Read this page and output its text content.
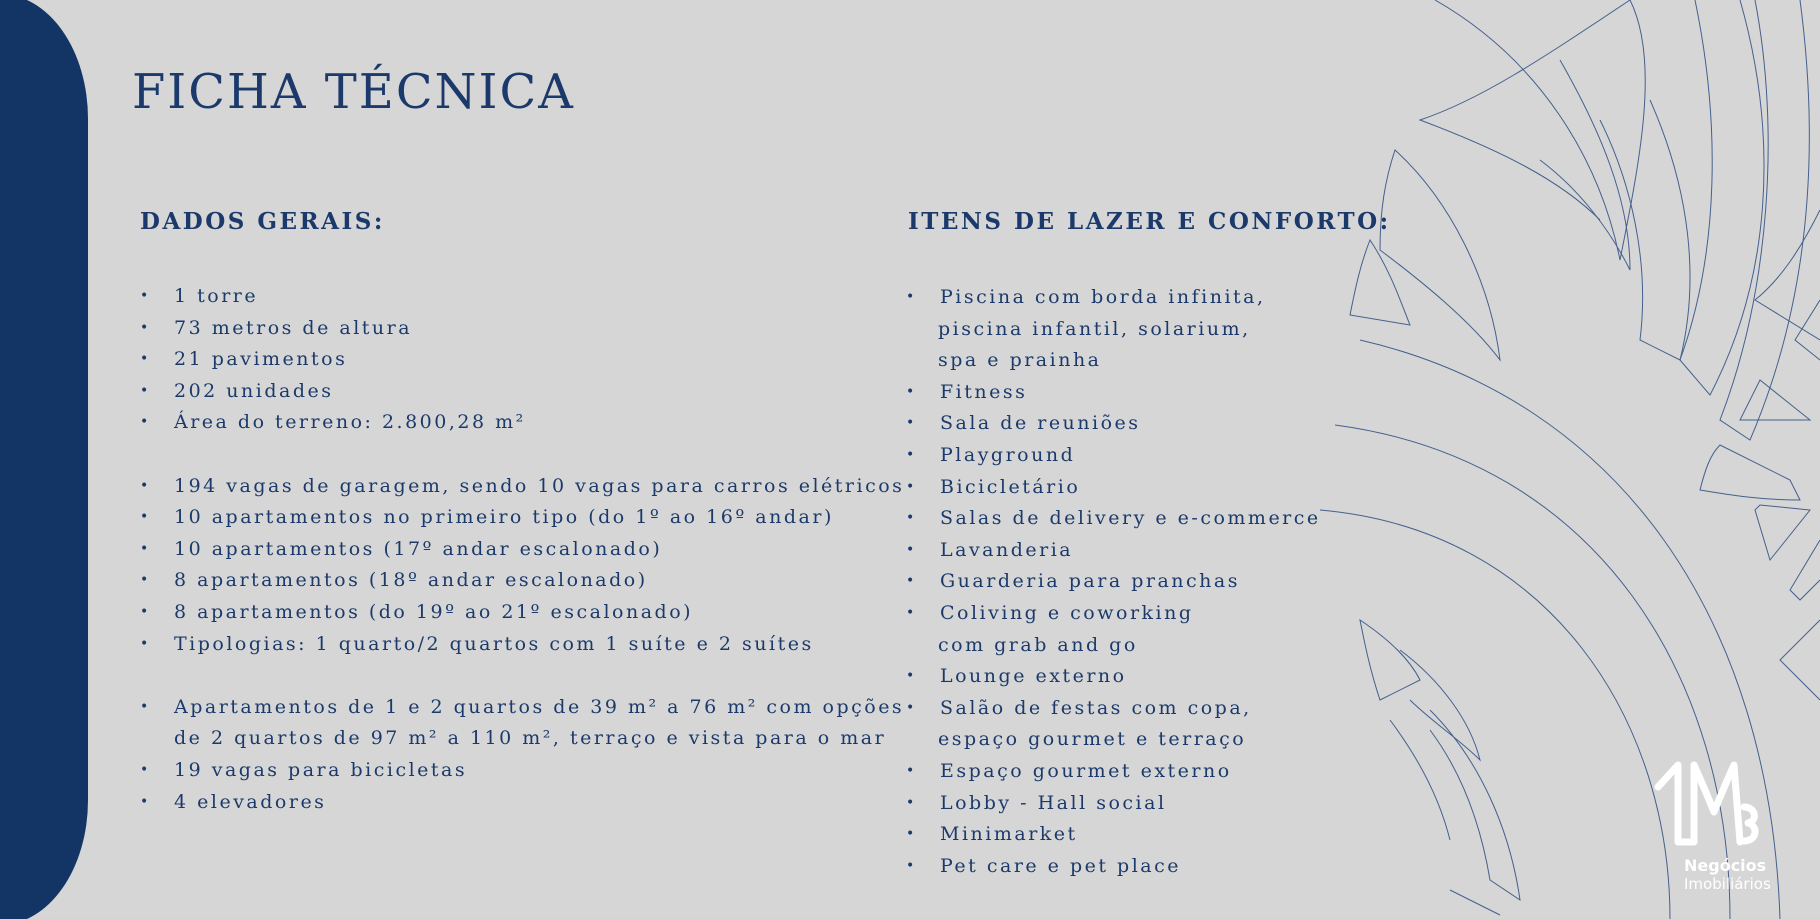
FICHA TÉCNICA
DADOS GERAIS:
• 1 torre
• 73 metros de altura
• 21 pavimentos
• 202 unidades
• Área do terreno: 2.800,28 m²
• 194 vagas de garagem, sendo 10 vagas para carros elétricos
• 10 apartamentos no primeiro tipo (do 1º ao 16º andar)
• 10 apartamentos (17º andar escalonado)
• 8 apartamentos (18º andar escalonado)
• 8 apartamentos (do 19º ao 21º escalonado)
• Tipologias: 1 quarto/2 quartos com 1 suíte e 2 suítes
• Apartamentos de 1 e 2 quartos de 39 m² a 76 m² com opções
de 2 quartos de 97 m² a 110 m², terraço e vista para o mar
• 19 vagas para bicicletas
• 4 elevadores
ITENS DE LAZER E CONFORTO:
• Piscina com borda infinita,
piscina infantil, solarium,
spa e prainha
• Fitness
• Sala de reuniões
• Playground
• Bicicletário
• Salas de delivery e e-commerce
• Lavanderia
• Guarderia para pranchas
• Coliving e coworking
com grab and go
• Lounge externo
• Salão de festas com copa,
espaço gourmet e terraço
• Espaço gourmet externo
• Lobby - Hall social
• Minimarket
• Pet care e pet place	Negócios
Imobiliários
